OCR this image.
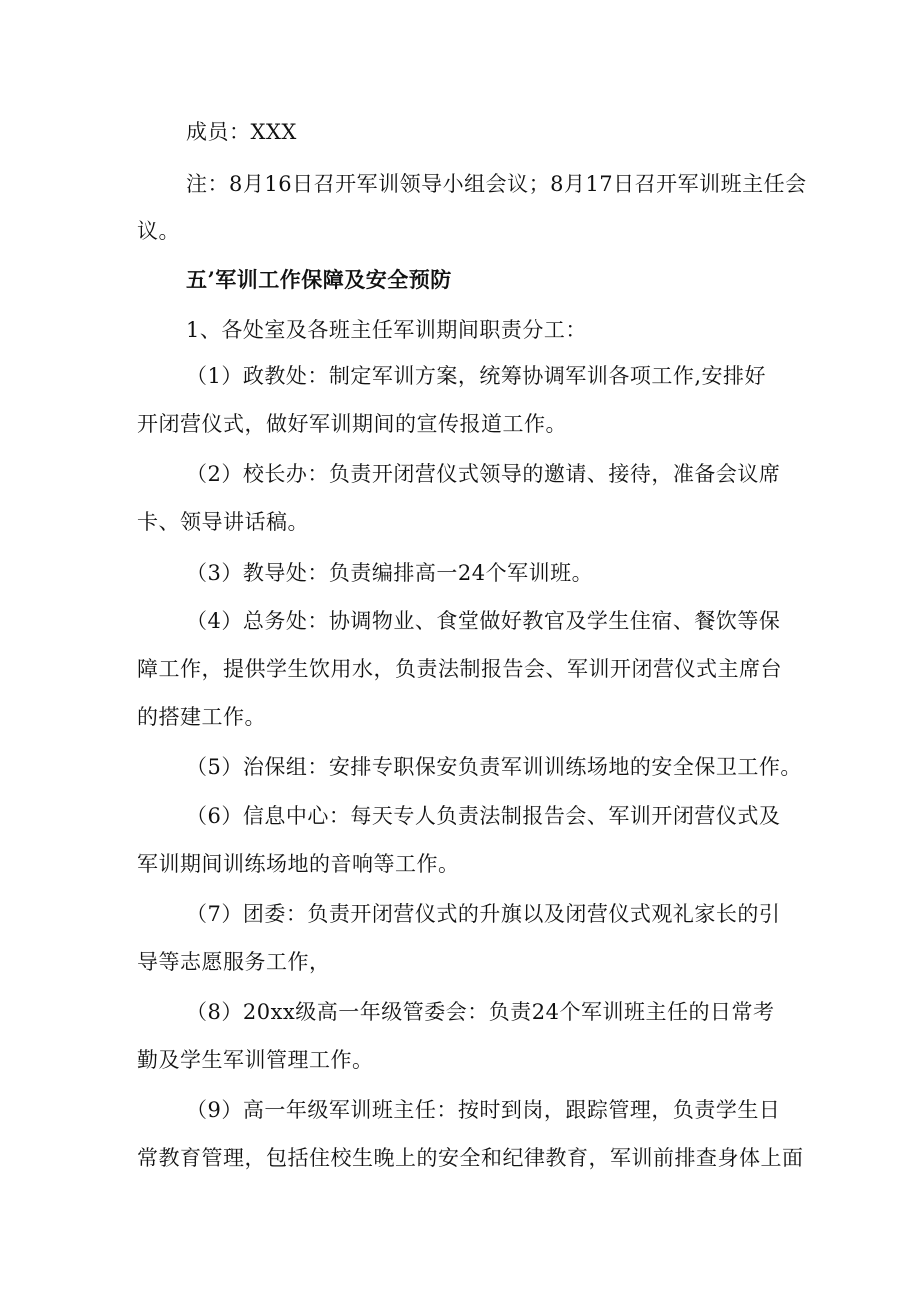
成员：XXX
注：8月16日召开军训领导小组会议；8月17日召开军训班主任会
议。
五’军训工作保障及安全预防
1、各处室及各班主任军训期间职责分工：
（1）政教处：制定军训方案，统筹协调军训各项工作,安排好
开闭营仪式，做好军训期间的宣传报道工作。
（2）校长办：负责开闭营仪式领导的邀请、接待，准备会议席
卡、领导讲话稿。
（3）教导处：负责编排高一24个军训班。
（4）总务处：协调物业、食堂做好教官及学生住宿、餐饮等保
障工作，提供学生饮用水，负责法制报告会、军训开闭营仪式主席台
的搭建工作。
（5）治保组：安排专职保安负责军训训练场地的安全保卫工作。
（6）信息中心：每天专人负责法制报告会、军训开闭营仪式及
军训期间训练场地的音响等工作。
（7）团委：负责开闭营仪式的升旗以及闭营仪式观礼家长的引
导等志愿服务工作，
（8）20xx级高一年级管委会：负责24个军训班主任的日常考
勤及学生军训管理工作。
（9）高一年级军训班主任：按时到岗，跟踪管理，负责学生日
常教育管理，包括住校生晚上的安全和纪律教育，军训前排查身体上面
